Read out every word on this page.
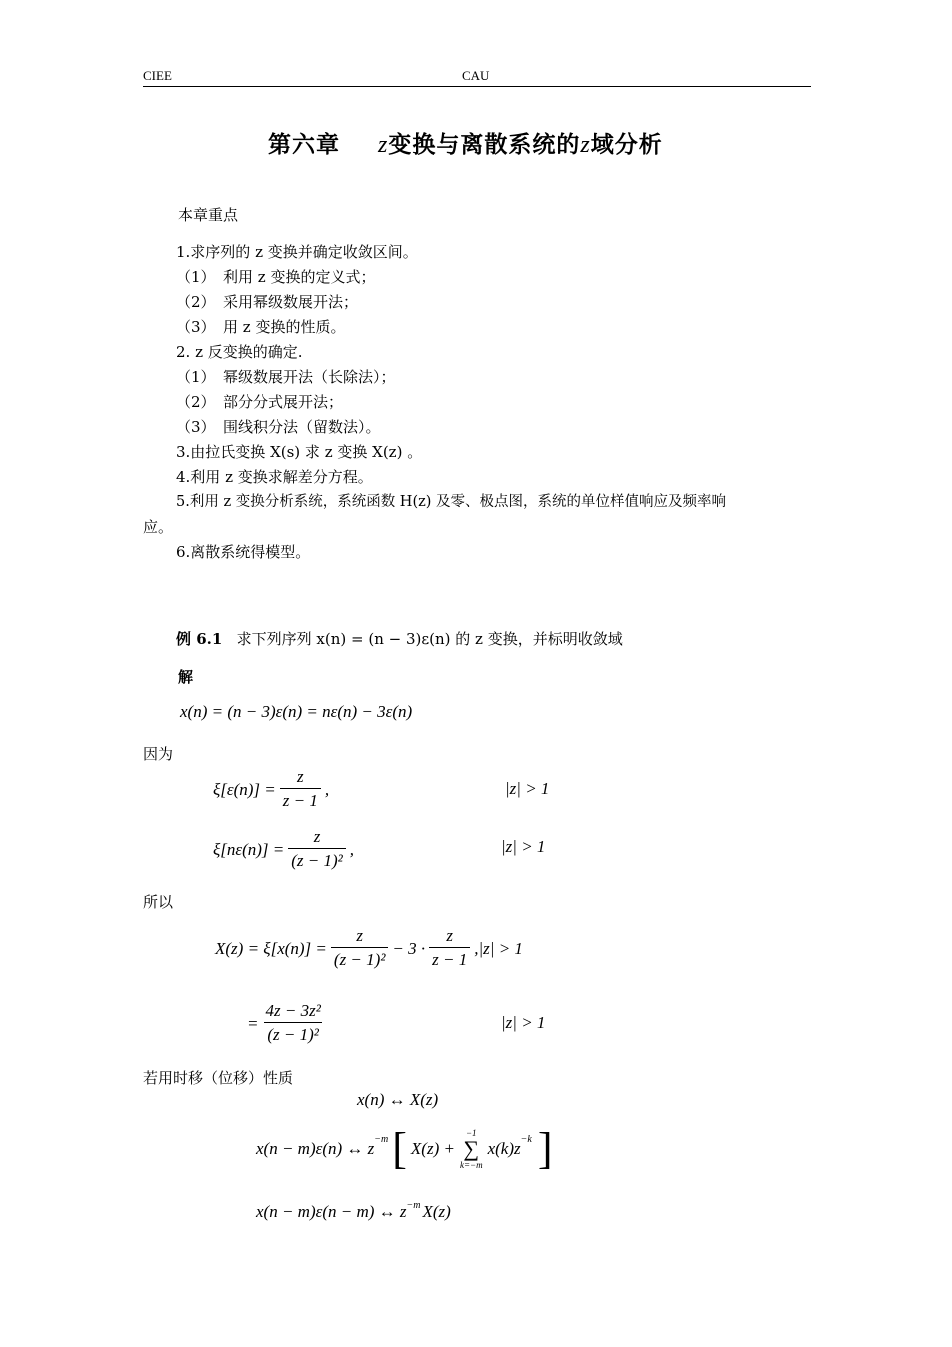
CIEE	CAU
第六章 z变换与离散系统的z域分析
本章重点
1.求序列的 z 变换并确定收敛区间。
（1）　利用 z 变换的定义式；
（2）　采用幂级数展开法；
（3）　用 z 变换的性质。
2. z 反变换的确定.
（1）　幂级数展开法（长除法）；
（2）　部分分式展开法；
（3）　围线积分法（留数法）。
3.由拉氏变换 X(s) 求 z 变换 X(z) 。
4.利用 z 变换求解差分方程。
5.利用 z 变换分析系统，系统函数 H(z) 及零、极点图，系统的单位样值响应及频率响
应。
6.离散系统得模型。
例 6.1 求下列序列 x(n) = (n − 3)ε(n) 的 z 变换，并标明收敛域
解
x(n) = (n − 3)ε(n) = nε(n) − 3ε(n)
因为
$\xi[\varepsilon(n)] = \frac{z}{z - 1}$ ,	|z| > 1
$\xi[n\varepsilon(n)] = \frac{z}{\text{(z − 1)²}}$ ,	|z| > 1
所以
$X(z) = \xi[x(n)] = \frac{z}{\text{(z − 1)²}} - 3 \cdot \frac{z}{z - 1} ,|z| > 1$
= $\frac{\text{4z − 3z²}}{\text{(z − 1)²}}$	|z| > 1
若用时移（位移）性质
x(n) ↔ X(z)
x(n − m)ε(n) ↔ $z^{-m}$ [ X(z) +
−1
∑
k=−m
$x(k)z^{-k}$ ]
x(n − m)ε(n − m) ↔ $z^{-m}$ X(z)
